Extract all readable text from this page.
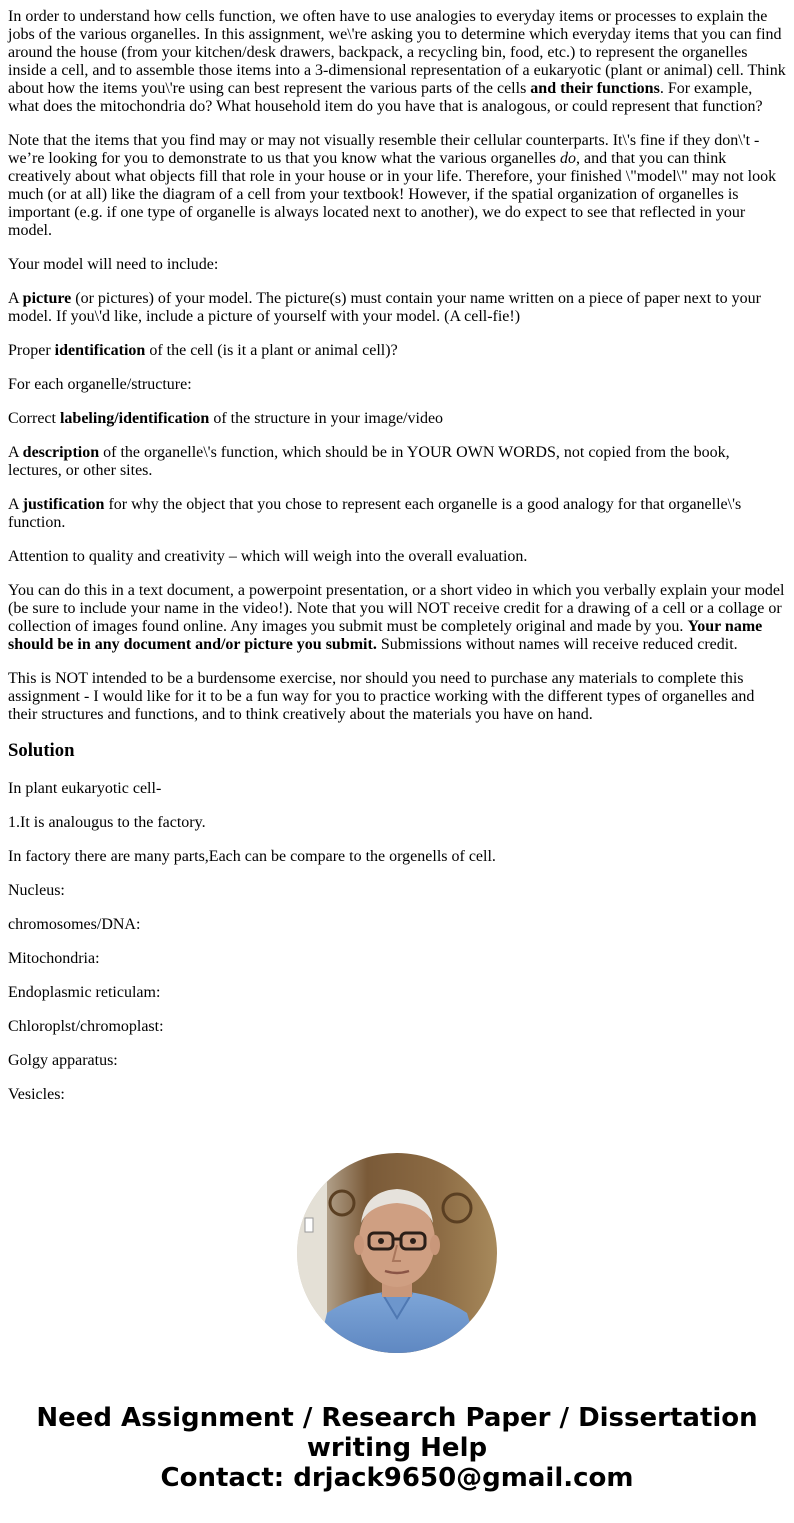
In order to understand how cells function, we often have to use analogies to everyday items or processes to explain the jobs of the various organelles. In this assignment, we\'re asking you to determine which everyday items that you can find around the house (from your kitchen/desk drawers, backpack, a recycling bin, food, etc.) to represent the organelles inside a cell, and to assemble those items into a 3-dimensional representation of a eukaryotic (plant or animal) cell. Think about how the items you\'re using can best represent the various parts of the cells and their functions. For example, what does the mitochondria do? What household item do you have that is analogous, or could represent that function?

Note that the items that you find may or may not visually resemble their cellular counterparts. It\'s fine if they don\'t - we’re looking for you to demonstrate to us that you know what the various organelles do, and that you can think creatively about what objects fill that role in your house or in your life. Therefore, your finished \"model\" may not look much (or at all) like the diagram of a cell from your textbook! However, if the spatial organization of organelles is important (e.g. if one type of organelle is always located next to another), we do expect to see that reflected in your model.

Your model will need to include:

A picture (or pictures) of your model. The picture(s) must contain your name written on a piece of paper next to your model. If you\'d like, include a picture of yourself with your model. (A cell-fie!)

Proper identification of the cell (is it a plant or animal cell)?

For each organelle/structure:

Correct labeling/identification of the structure in your image/video

A description of the organelle\'s function, which should be in YOUR OWN WORDS, not copied from the book, lectures, or other sites.

A justification for why the object that you chose to represent each organelle is a good analogy for that organelle\'s function.

Attention to quality and creativity – which will weigh into the overall evaluation.

You can do this in a text document, a powerpoint presentation, or a short video in which you verbally explain your model (be sure to include your name in the video!). Note that you will NOT receive credit for a drawing of a cell or a collage or collection of images found online. Any images you submit must be completely original and made by you. Your name should be in any document and/or picture you submit. Submissions without names will receive reduced credit.

This is NOT intended to be a burdensome exercise, nor should you need to purchase any materials to complete this assignment - I would like for it to be a fun way for you to practice working with the different types of organelles and their structures and functions, and to think creatively about the materials you have on hand.

Solution

In plant eukaryotic cell-

1.It is analougus to the factory.

In factory there are many parts,Each can be compare to the orgenells of cell.

Nucleus:

chromosomes/DNA:

Mitochondria:

Endoplasmic reticulam:

Chloroplst/chromoplast:

Golgy apparatus:

Vesicles:

Need Assignment / Research Paper / Dissertation
writing Help
Contact: drjack9650@gmail.com
